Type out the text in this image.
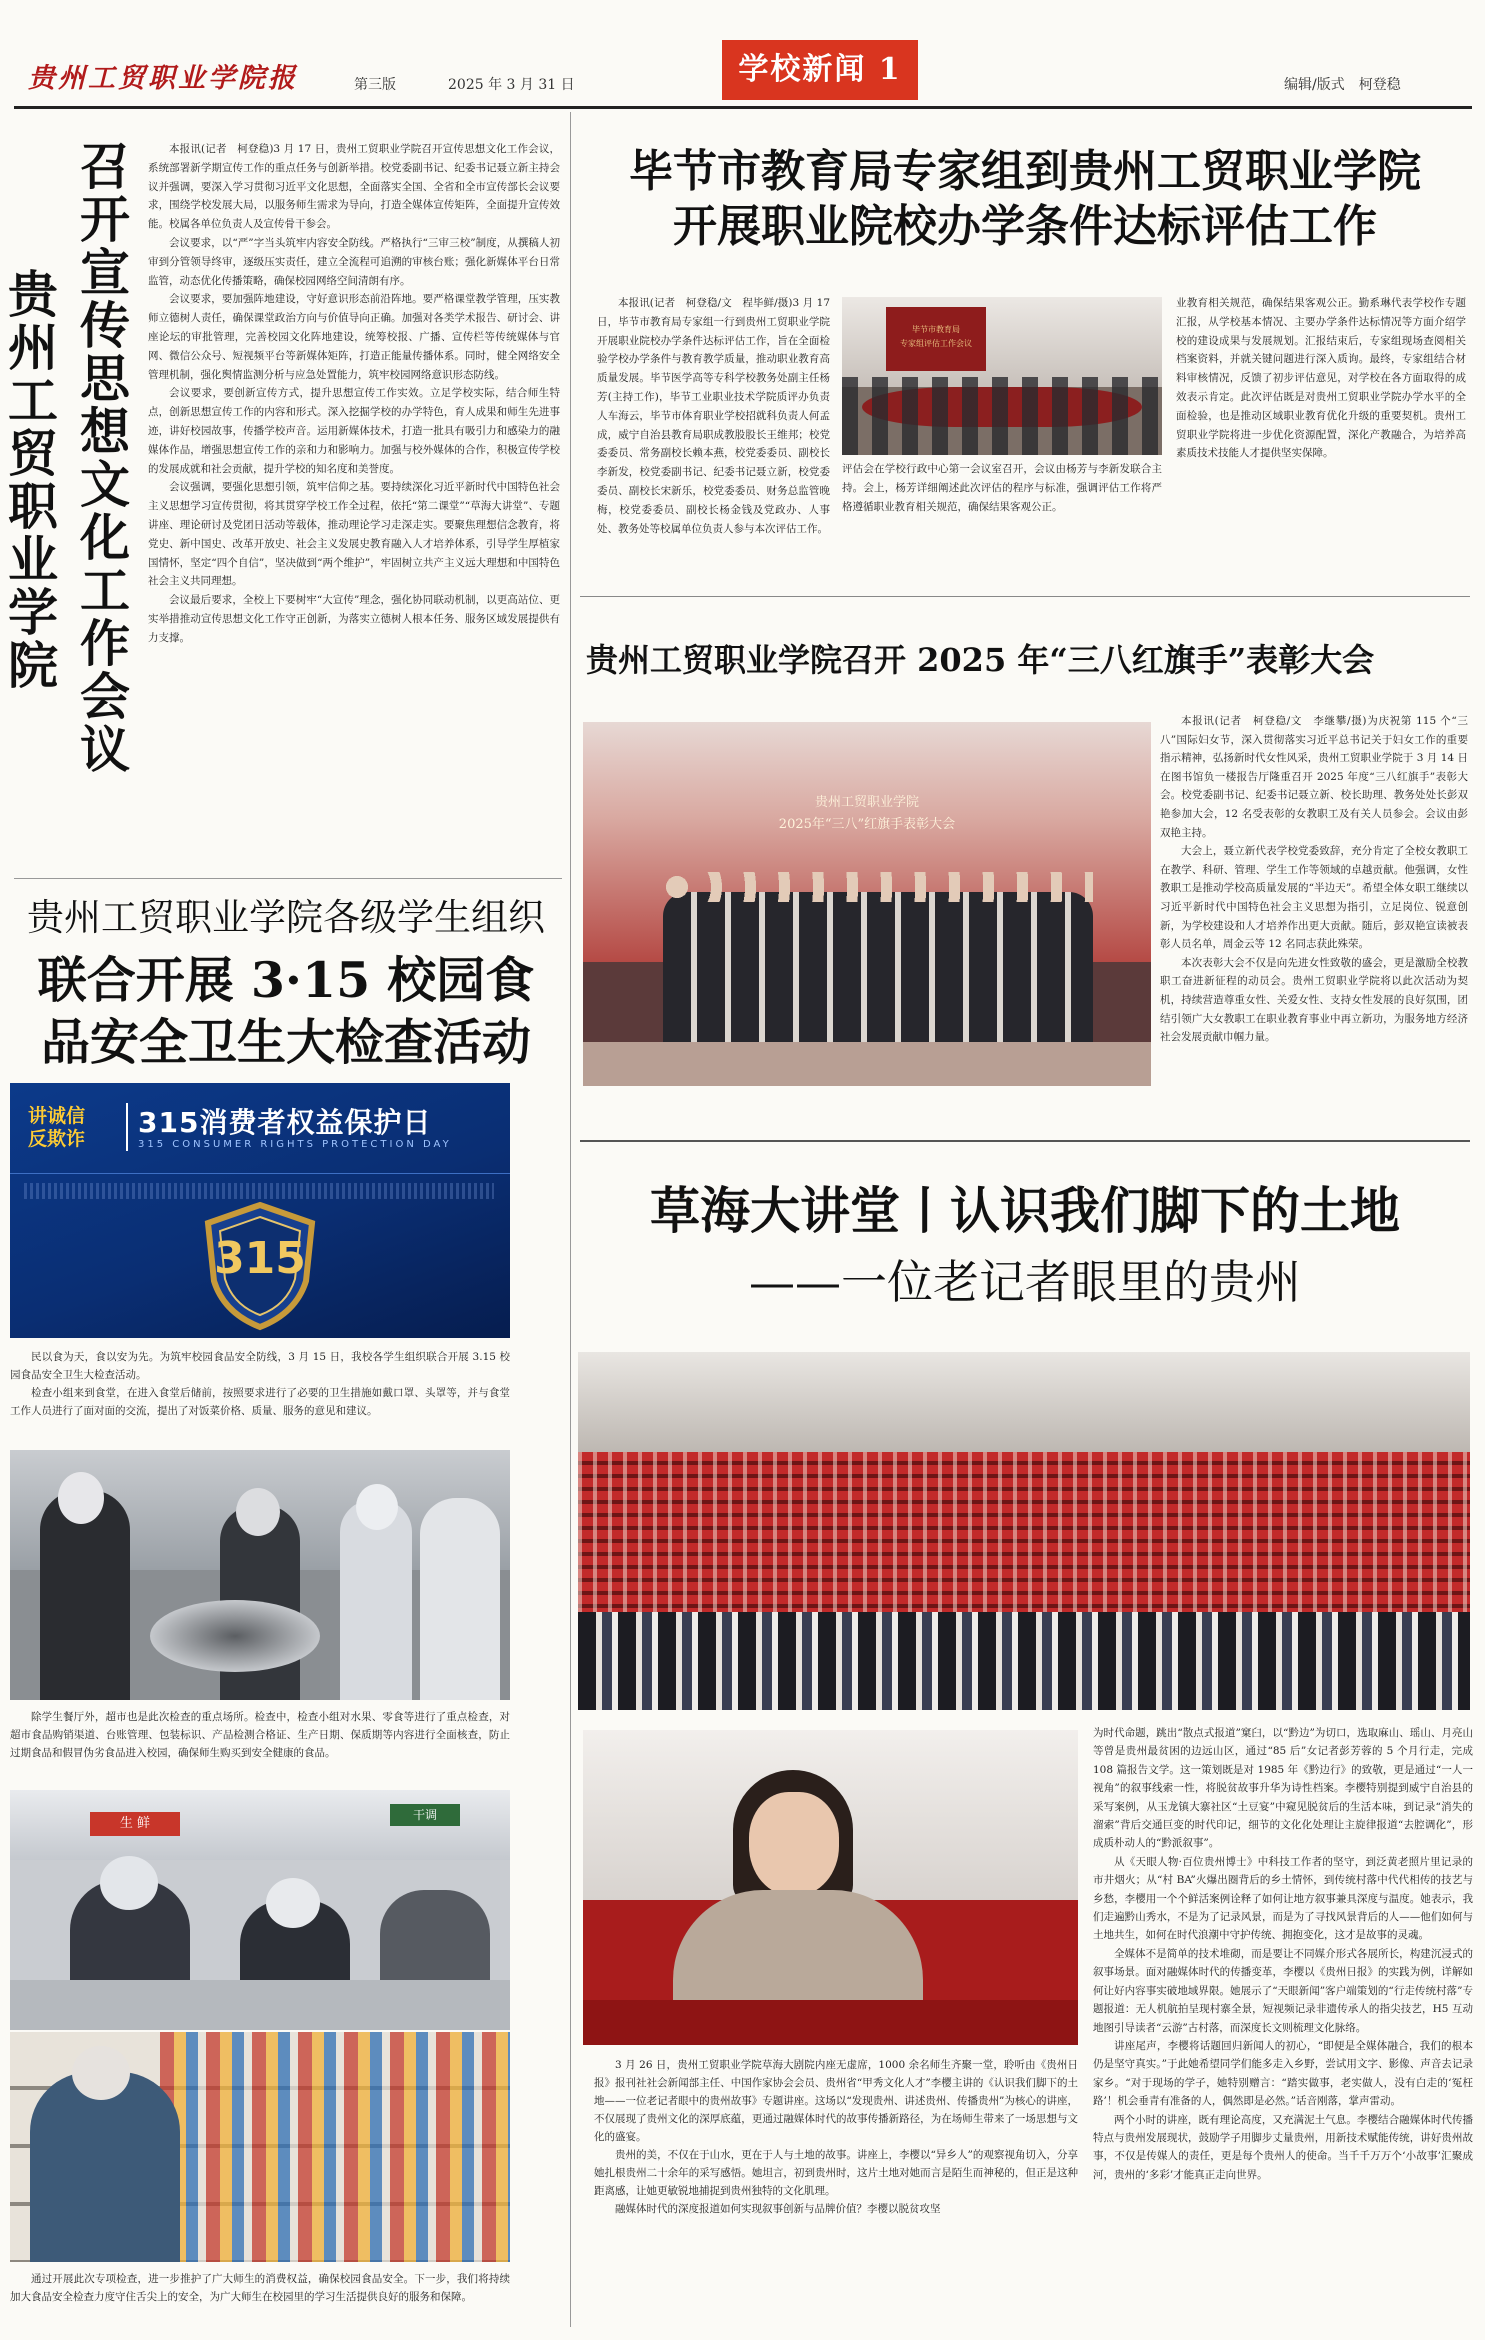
贵州工贸职业学院报	第三版	2025 年 3 月 31 日	学校新闻 1	编辑/版式　柯登稳
贵州工贸职业学院
召开宣传思想文化工作会议

本报讯(记者　柯登稳)3 月 17 日，贵州工贸职业学院召开宣传思想文化工作会议，系统部署新学期宣传工作的重点任务与创新举措。校党委副书记、纪委书记聂立新主持会议并强调，要深入学习贯彻习近平文化思想，全面落实全国、全省和全市宣传部长会议要求，围绕学校发展大局，以服务师生需求为导向，打造全媒体宣传矩阵，全面提升宣传效能。校属各单位负责人及宣传骨干参会。

会议要求，以“严”字当头筑牢内容安全防线。严格执行“三审三校”制度，从撰稿人初审到分管领导终审，逐级压实责任，建立全流程可追溯的审核台账；强化新媒体平台日常监管，动态优化传播策略，确保校园网络空间清朗有序。

会议要求，要加强阵地建设，守好意识形态前沿阵地。要严格课堂教学管理，压实教师立德树人责任，确保课堂政治方向与价值导向正确。加强对各类学术报告、研讨会、讲座论坛的审批管理，完善校园文化阵地建设，统筹校报、广播、宣传栏等传统媒体与官网、微信公众号、短视频平台等新媒体矩阵，打造正能量传播体系。同时，健全网络安全管理机制，强化舆情监测分析与应急处置能力，筑牢校园网络意识形态防线。

会议要求，要创新宣传方式，提升思想宣传工作实效。立足学校实际，结合师生特点，创新思想宣传工作的内容和形式。深入挖掘学校的办学特色，育人成果和师生先进事迹，讲好校园故事，传播学校声音。运用新媒体技术，打造一批具有吸引力和感染力的融媒体作品，增强思想宣传工作的亲和力和影响力。加强与校外媒体的合作，积极宣传学校的发展成就和社会贡献，提升学校的知名度和美誉度。

会议强调，要强化思想引领，筑牢信仰之基。要持续深化习近平新时代中国特色社会主义思想学习宣传贯彻，将其贯穿学校工作全过程，依托“第二课堂”“草海大讲堂”、专题讲座、理论研讨及党团日活动等载体，推动理论学习走深走实。要聚焦理想信念教育，将党史、新中国史、改革开放史、社会主义发展史教育融入人才培养体系，引导学生厚植家国情怀，坚定“四个自信”，坚决做到“两个维护”，牢固树立共产主义远大理想和中国特色社会主义共同理想。

会议最后要求，全校上下要树牢“大宣传”理念，强化协同联动机制，以更高站位、更实举措推动宣传思想文化工作守正创新，为落实立德树人根本任务、服务区域发展提供有力支撑。

贵州工贸职业学院各级学生组织
联合开展 3·15 校园食
品安全卫生大检查活动
讲诚信
反欺诈	315消费者权益保护日
315 CONSUMER RIGHTS PROTECTION DAY
315

民以食为天，食以安为先。为筑牢校园食品安全防线，3 月 15 日，我校各学生组织联合开展 3.15 校园食品安全卫生大检查活动。

检查小组来到食堂，在进入食堂后储前，按照要求进行了必要的卫生措施如戴口罩、头罩等，并与食堂工作人员进行了面对面的交流，提出了对饭菜价格、质量、服务的意见和建议。

除学生餐厅外，超市也是此次检查的重点场所。检查中，检查小组对水果、零食等进行了重点检查，对超市食品购销渠道、台账管理、包装标识、产品检测合格证、生产日期、保质期等内容进行全面核查，防止过期食品和假冒伪劣食品进入校园，确保师生购买到安全健康的食品。

生 鲜
干调

通过开展此次专项检查，进一步推护了广大师生的消费权益，确保校园食品安全。下一步，我们将持续加大食品安全检查力度守住舌尖上的安全，为广大师生在校园里的学习生活提供良好的服务和保障。

毕节市教育局专家组到贵州工贸职业学院
开展职业院校办学条件达标评估工作

本报讯(记者　柯登稳/文　程毕鲜/摄)3 月 17 日，毕节市教育局专家组一行到贵州工贸职业学院开展职业院校办学条件达标评估工作，旨在全面检验学校办学条件与教育教学质量，推动职业教育高质量发展。毕节医学高等专科学校教务处副主任杨芳(主持工作)，毕节工业职业技术学院质评办负责人车海云，毕节市体育职业学校招就科负责人何孟成，威宁自治县教育局职成教股股长王维邦；校党委委员、常务副校长赖本燕，校党委委员、副校长李新发，校党委副书记、纪委书记聂立新，校党委委员、副校长宋新乐，校党委委员、财务总监管晚梅，校党委委员、副校长杨金钱及党政办、人事处、教务处等校属单位负责人参与本次评估工作。

毕节市教育局
专家组评估工作会议

评估会在学校行政中心第一会议室召开，会议由杨芳与李新发联合主持。会上，杨芳详细阐述此次评估的程序与标准，强调评估工作将严格遵循职业教育相关规范，确保结果客观公正。

业教育相关规范，确保结果客观公正。勤系琳代表学校作专题汇报，从学校基本情况、主要办学条件达标情况等方面介绍学校的建设成果与发展规划。汇报结束后，专家组现场查阅相关档案资料，并就关键问题进行深入质询。最终，专家组结合材料审核情况，反馈了初步评估意见，对学校在各方面取得的成效表示肯定。此次评估既是对贵州工贸职业学院办学水平的全面检验，也是推动区域职业教育优化升级的重要契机。贵州工贸职业学院将进一步优化资源配置，深化产教融合，为培养高素质技术技能人才提供坚实保障。

贵州工贸职业学院召开 2025 年“三八红旗手”表彰大会
贵州工贸职业学院
2025年“三八”红旗手表彰大会

本报讯(记者　柯登稳/文　李继攀/摄)为庆祝第 115 个“三八”国际妇女节，深入贯彻落实习近平总书记关于妇女工作的重要指示精神，弘扬新时代女性风采，贵州工贸职业学院于 3 月 14 日在图书馆负一楼报告厅隆重召开 2025 年度“三八红旗手”表彰大会。校党委副书记、纪委书记聂立新、校长助理、教务处处长彭双艳参加大会，12 名受表彰的女教职工及有关人员参会。会议由彭双艳主持。

大会上，聂立新代表学校党委致辞，充分肯定了全校女教职工在教学、科研、管理、学生工作等领域的卓越贡献。他强调，女性教职工是推动学校高质量发展的“半边天”。希望全体女职工继续以习近平新时代中国特色社会主义思想为指引，立足岗位、锐意创新，为学校建设和人才培养作出更大贡献。随后，彭双艳宣读被表彰人员名单，周金云等 12 名同志获此殊荣。

本次表彰大会不仅是向先进女性致敬的盛会，更是激励全校教职工奋进新征程的动员会。贵州工贸职业学院将以此次活动为契机，持续营造尊重女性、关爱女性、支持女性发展的良好氛围，团结引领广大女教职工在职业教育事业中再立新功，为服务地方经济社会发展贡献巾帼力量。

草海大讲堂丨认识我们脚下的土地
——一位老记者眼里的贵州

3 月 26 日，贵州工贸职业学院草海大剧院内座无虚席，1000 余名师生齐聚一堂，聆听由《贵州日报》报刊社社会新闻部主任、中国作家协会会员、贵州省“甲秀文化人才”李樱主讲的《认识我们脚下的土地——一位老记者眼中的贵州故事》专题讲座。这场以“发现贵州、讲述贵州、传播贵州”为核心的讲座，不仅展现了贵州文化的深厚底蕴，更通过融媒体时代的故事传播新路径，为在场师生带来了一场思想与文化的盛宴。

贵州的美，不仅在于山水，更在于人与土地的故事。讲座上，李樱以“异乡人”的观察视角切入，分享她扎根贵州二十余年的采写感悟。她坦言，初到贵州时，这片土地对她而言是陌生而神秘的，但正是这种距离感，让她更敏锐地捕捉到贵州独特的文化肌理。

融媒体时代的深度报道如何实现叙事创新与品牌价值？李樱以脱贫攻坚

为时代命题，跳出“散点式报道”窠臼，以“黔边”为切口，选取麻山、瑶山、月亮山等曾是贵州最贫困的边远山区，通过“85 后”女记者彭芳蓉的 5 个月行走，完成 108 篇报告文学。这一策划既是对 1985 年《黔边行》的致敬，更是通过“一人一视角”的叙事线索一性，将脱贫故事升华为诗性档案。李樱特别提到威宁自治县的采写案例，从玉龙镇大寨社区“土豆宴”中窥见脱贫后的生活本味，到记录“消失的溜索”背后交通巨变的时代印记，细节的文化化处理让主旋律报道“去腔调化”，形成质朴动人的“黔派叙事”。

从《天眼人物·百位贵州博士》中科技工作者的坚守，到泛黄老照片里记录的市井烟火；从“村 BA”火爆出圈背后的乡土情怀，到传统村落中代代相传的技艺与乡愁，李樱用一个个鲜活案例诠释了如何让地方叙事兼具深度与温度。她表示，我们走遍黔山秀水，不是为了记录风景，而是为了寻找风景背后的人——他们如何与土地共生，如何在时代浪潮中守护传统、拥抱变化，这才是故事的灵魂。

全媒体不是简单的技术堆砌，而是要让不同媒介形式各展所长，构建沉浸式的叙事场景。面对融媒体时代的传播变革，李樱以《贵州日报》的实践为例，详解如何让好内容事实破地域界限。她展示了“天眼新闻”客户端策划的“行走传统村落”专题报道：无人机航拍呈现村寨全景，短视频记录非遗传承人的指尖技艺，H5 互动地图引导读者“云游”古村落，而深度长文则梳理文化脉络。

讲座尾声，李樱将话题回归新闻人的初心，“即便是全媒体融合，我们的根本仍是坚守真实。”于此她希望同学们能多走入乡野，尝试用文字、影像、声音去记录家乡。“对于现场的学子，她特别赠言：“踏实做事，老实做人，没有白走的‘冤枉路’！机会垂青有准备的人，偶然即是必然。”话音刚落，掌声雷动。

两个小时的讲座，既有理论高度，又充满泥土气息。李樱结合融媒体时代传播特点与贵州发展现状，鼓励学子用脚步丈量贵州，用新技术赋能传统，讲好贵州故事，不仅是传媒人的责任，更是每个贵州人的使命。当千千万万个‘小故事’汇聚成河，贵州的‘多彩’才能真正走向世界。
